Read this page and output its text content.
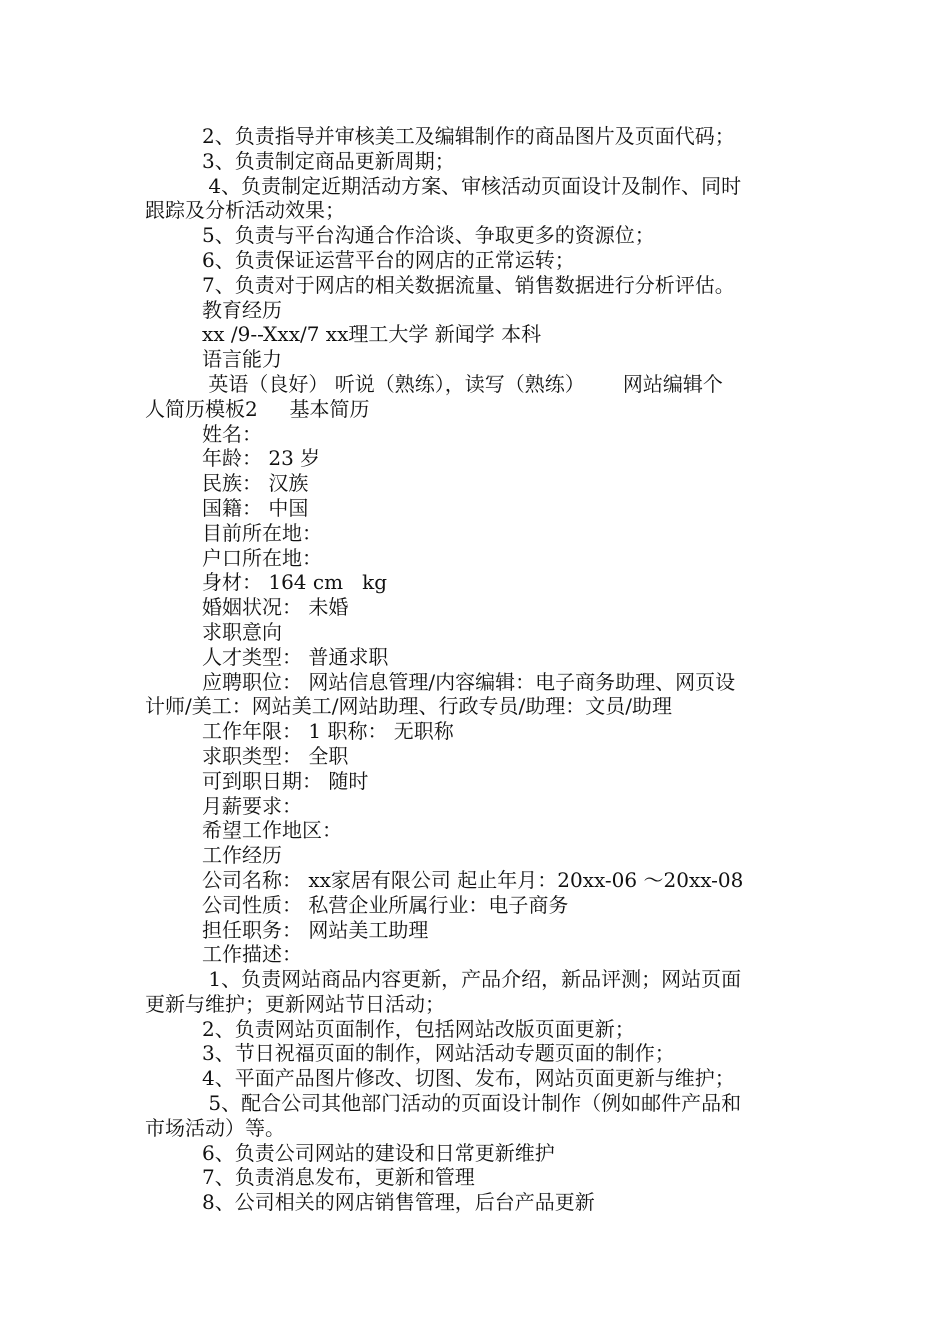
2、负责指导并审核美工及编辑制作的商品图片及页面代码；
3、负责制定商品更新周期；
4、负责制定近期活动方案、审核活动页面设计及制作、同时
跟踪及分析活动效果；
5、负责与平台沟通合作洽谈、争取更多的资源位；
6、负责保证运营平台的网店的正常运转；
7、负责对于网店的相关数据流量、销售数据进行分析评估。
教育经历
xx /9--Xxx/7 xx理工大学 新闻学 本科
语言能力
英语（良好） 听说（熟练），读写（熟练）      网站编辑个
人简历模板2     基本简历
姓名：
年龄： 23 岁
民族： 汉族
国籍： 中国
目前所在地：
户口所在地：
身材： 164 cm   kg
婚姻状况： 未婚
求职意向
人才类型： 普通求职
应聘职位： 网站信息管理/内容编辑：电子商务助理、网页设
计师/美工：网站美工/网站助理、行政专员/助理：文员/助理
工作年限： 1 职称： 无职称
求职类型： 全职
可到职日期： 随时
月薪要求：
希望工作地区：
工作经历
公司名称： xx家居有限公司 起止年月：20xx-06 ～20xx-08
公司性质： 私营企业所属行业：电子商务
担任职务： 网站美工助理
工作描述：
1、负责网站商品内容更新，产品介绍，新品评测；网站页面
更新与维护；更新网站节日活动；
2、负责网站页面制作，包括网站改版页面更新；
3、节日祝福页面的制作，网站活动专题页面的制作；
4、平面产品图片修改、切图、发布，网站页面更新与维护；
5、配合公司其他部门活动的页面设计制作（例如邮件产品和
市场活动）等。
6、负责公司网站的建设和日常更新维护
7、负责消息发布，更新和管理
8、公司相关的网店销售管理，后台产品更新
